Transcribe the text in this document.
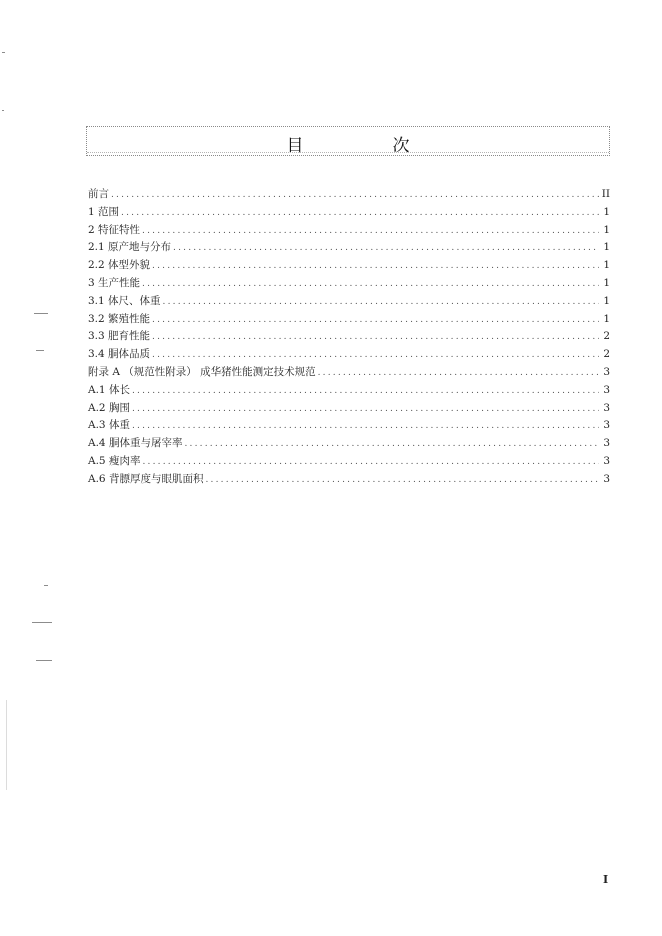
目　次
前言 .....	II
1 范围 .....	1
2 特征特性 .....	1
2.1 原产地与分布 .....	1
2.2 体型外貌 .....	1
3 生产性能 .....	1
3.1 体尺、体重 .....	1
3.2 繁殖性能 .....	1
3.3 肥育性能 .....	2
3.4 胴体品质 .....	2
附录 A （规范性附录） 成华猪性能测定技术规范 .....	3
A.1 体长 .....	3
A.2 胸围 .....	3
A.3 体重 .....	3
A.4 胴体重与屠宰率 .....	3
A.5 瘦肉率 .....	3
A.6 背膘厚度与眼肌面积 .....	3
I
